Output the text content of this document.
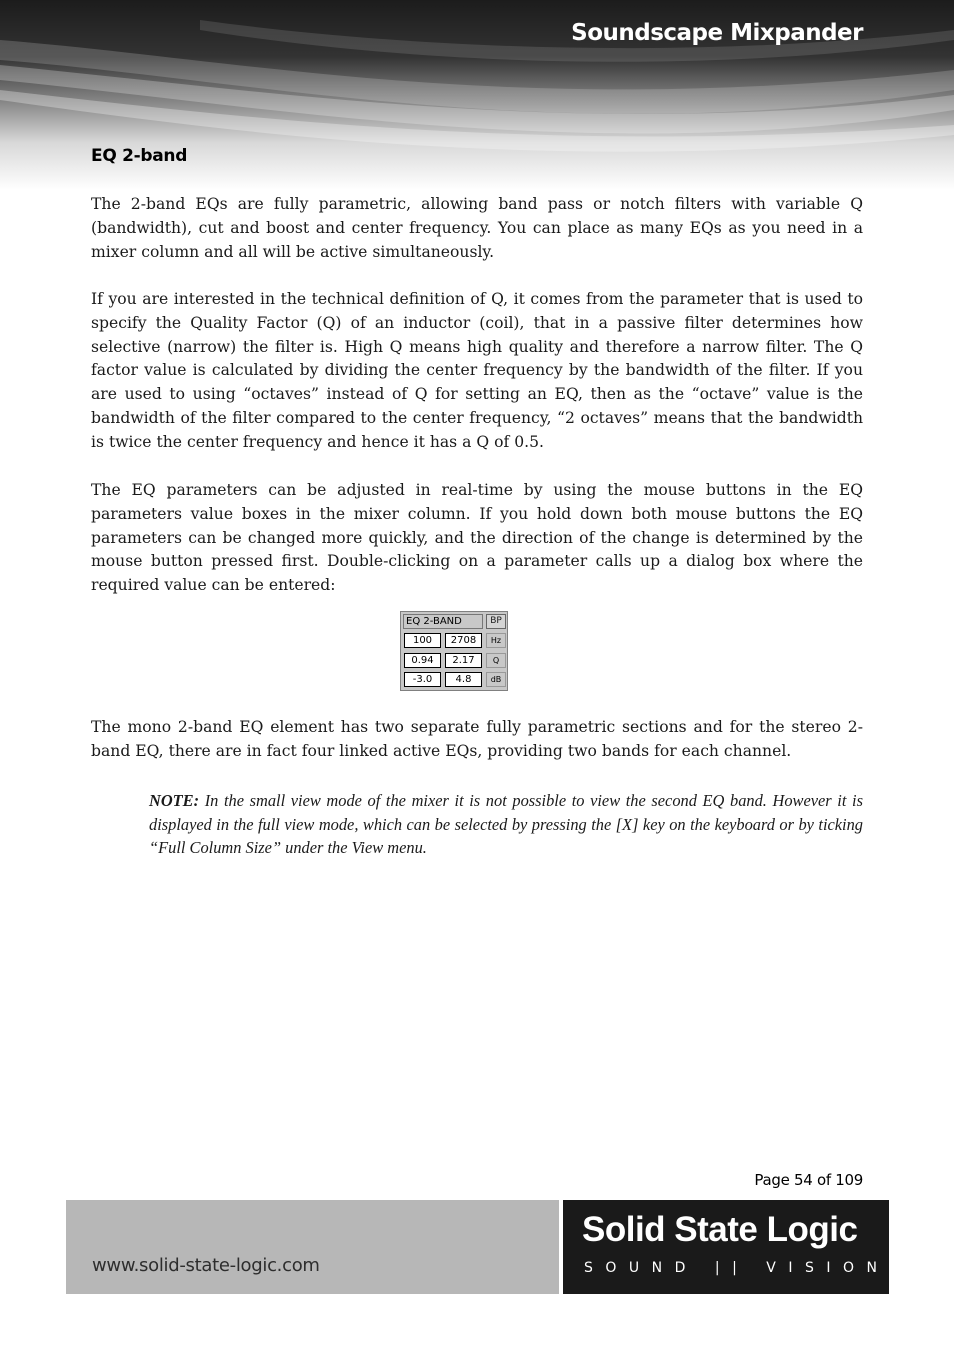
Soundscape Mixpander
EQ 2-band

The 2-band EQs are fully parametric, allowing band pass or notch filters with variable Q (bandwidth), cut and boost and center frequency. You can place as many EQs as you need in a mixer column and all will be active simultaneously.

If you are interested in the technical definition of Q, it comes from the parameter that is used to specify the Quality Factor (Q) of an inductor (coil), that in a passive filter determines how selective (narrow) the filter is. High Q means high quality and therefore a narrow filter. The Q factor value is calculated by dividing the center frequency by the bandwidth of the filter. If you are used to using “octaves” instead of Q for setting an EQ, then as the “octave” value is the bandwidth of the filter compared to the center frequency, “2 octaves” means that the bandwidth is twice the center frequency and hence it has a Q of 0.5.

The EQ parameters can be adjusted in real-time by using the mouse buttons in the EQ parameters value boxes in the mixer column. If you hold down both mouse buttons the EQ parameters can be changed more quickly, and the direction of the change is determined by the mouse button pressed first. Double-clicking on a parameter calls up a dialog box where the required value can be entered:

EQ 2-BAND	BP
100	2708	Hz
0.94	2.17	Q
-3.0	4.8	dB

The mono 2-band EQ element has two separate fully parametric sections and for the stereo 2-band EQ, there are in fact four linked active EQs, providing two bands for each channel.

NOTE: In the small view mode of the mixer it is not possible to view the second EQ band. However it is displayed in the full view mode, which can be selected by pressing the [X] key on the keyboard or by ticking “Full Column Size” under the View menu.

Page 54 of 109
www.solid-state-logic.com
Solid State Logic
SOUND || VISION
